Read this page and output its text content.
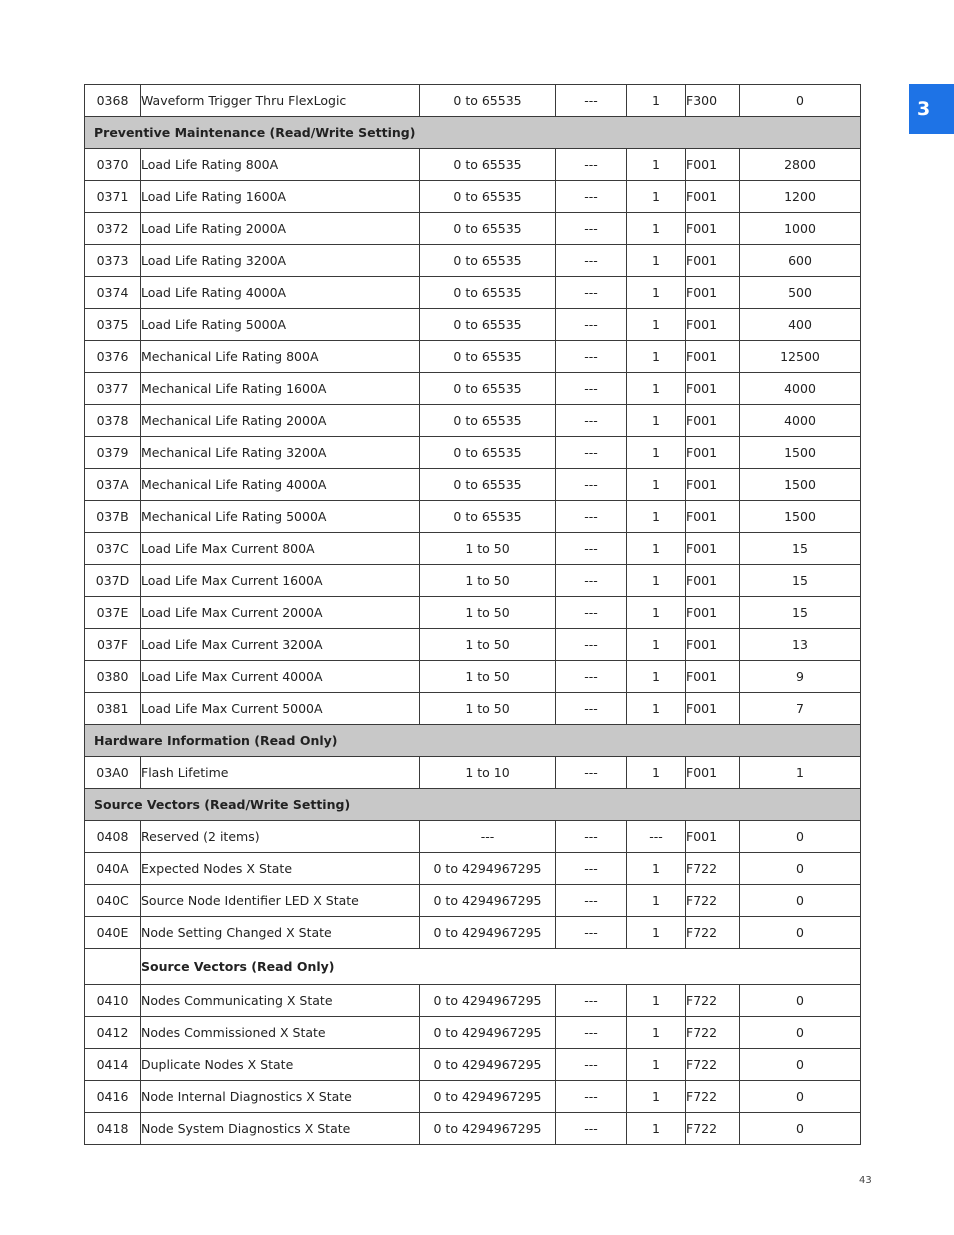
3
0368	Waveform Trigger Thru FlexLogic	0 to 65535	---	1	F300	0
Preventive Maintenance (Read/Write Setting)						
0370	Load Life Rating 800A	0 to 65535	---	1	F001	2800
0371	Load Life Rating 1600A	0 to 65535	---	1	F001	1200
0372	Load Life Rating 2000A	0 to 65535	---	1	F001	1000
0373	Load Life Rating 3200A	0 to 65535	---	1	F001	600
0374	Load Life Rating 4000A	0 to 65535	---	1	F001	500
0375	Load Life Rating 5000A	0 to 65535	---	1	F001	400
0376	Mechanical Life Rating 800A	0 to 65535	---	1	F001	12500
0377	Mechanical Life Rating 1600A	0 to 65535	---	1	F001	4000
0378	Mechanical Life Rating 2000A	0 to 65535	---	1	F001	4000
0379	Mechanical Life Rating 3200A	0 to 65535	---	1	F001	1500
037A	Mechanical Life Rating 4000A	0 to 65535	---	1	F001	1500
037B	Mechanical Life Rating 5000A	0 to 65535	---	1	F001	1500
037C	Load Life Max Current 800A	1 to 50	---	1	F001	15
037D	Load Life Max Current 1600A	1 to 50	---	1	F001	15
037E	Load Life Max Current 2000A	1 to 50	---	1	F001	15
037F	Load Life Max Current 3200A	1 to 50	---	1	F001	13
0380	Load Life Max Current 4000A	1 to 50	---	1	F001	9
0381	Load Life Max Current 5000A	1 to 50	---	1	F001	7
Hardware Information (Read Only)						
03A0	Flash Lifetime	1 to 10	---	1	F001	1
Source Vectors (Read/Write Setting)						
0408	Reserved (2 items)	---	---	---	F001	0
040A	Expected Nodes X State	0 to 4294967295	---	1	F722	0
040C	Source Node Identifier LED X State	0 to 4294967295	---	1	F722	0
040E	Node Setting Changed X State	0 to 4294967295	---	1	F722	0
	Source Vectors (Read Only)					
0410	Nodes Communicating X State	0 to 4294967295	---	1	F722	0
0412	Nodes Commissioned X State	0 to 4294967295	---	1	F722	0
0414	Duplicate Nodes X State	0 to 4294967295	---	1	F722	0
0416	Node Internal Diagnostics X State	0 to 4294967295	---	1	F722	0
0418	Node System Diagnostics X State	0 to 4294967295	---	1	F722	0
43
